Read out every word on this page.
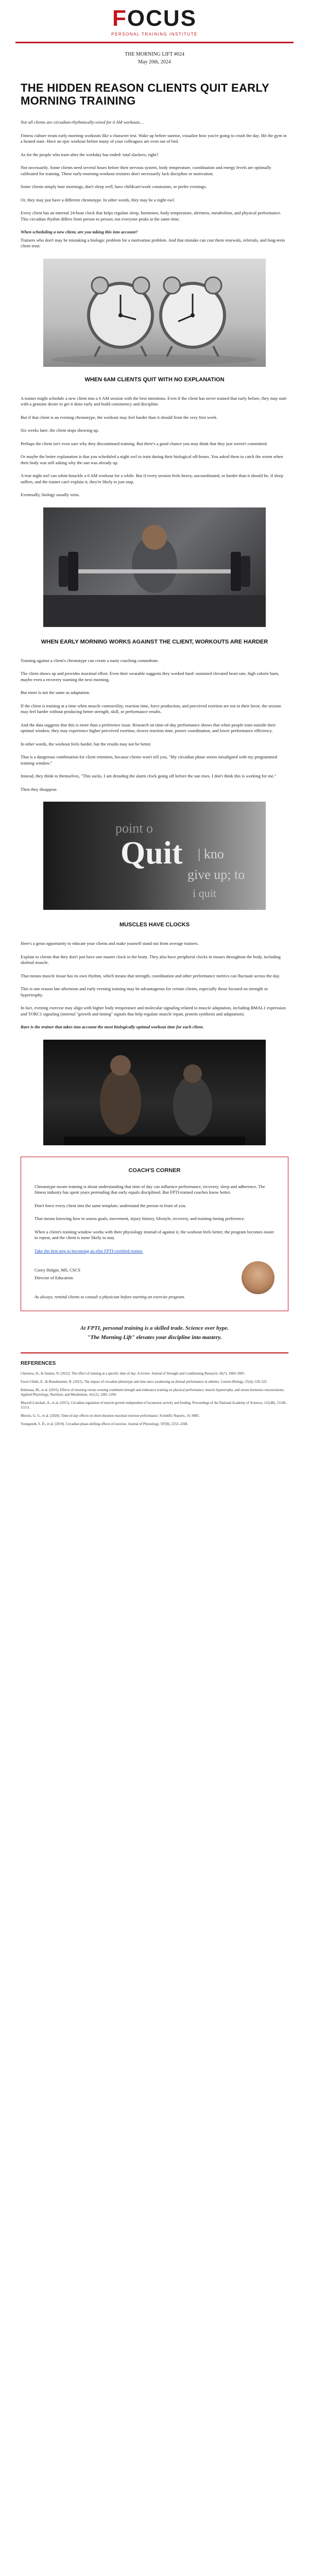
FOCUS
PERSONAL TRAINING INSTITUTE
THE MORNING LIFT #024
May 20th, 2024
THE HIDDEN REASON CLIENTS QUIT EARLY MORNING TRAINING

Not all clients are circadian-rhythmically-wired for 6 AM workouts…

Fitness culture treats early morning workouts like a character test. Wake up before sunrise, visualize how you're going to crush the day. Hit the gym in a heated state. Have an epic workout before many of your colleagues are even out of bed.

As for the people who train after the workday has ended: total slackers, right?

Not necessarily. Some clients need several hours before their nervous system, body temperature, coordination and energy levels are optimally calibrated for training. These early-morning-workout resisters don't necessarily lack discipline or motivation.

Some clients simply hate mornings, don't sleep well, have childcare/work constraints, or prefer evenings.

Or, they may just have a different chronotype. In other words, they may be a night owl.

Every client has an internal 24-hour clock that helps regulate sleep, hormones, body temperature, alertness, metabolism, and physical performance. This circadian rhythm differs from person to person; not everyone peaks at the same time.

When scheduling a new client, are you taking this into account?

Trainers who don't may be mistaking a biologic problem for a motivation problem. And that mistake can cost them renewals, referrals, and long-term client trust.

WHEN 6AM CLIENTS QUIT WITH NO EXPLANATION

A trainer might schedule a new client into a 6 AM session with the best intentions. Even if the client has never trained that early before, they may start with a genuine desire to get it done early and build consistency and discipline.

But if that client is an evening chronotype, the workout may feel harder than it should from the very first week.

Six weeks later, the client stops showing up.

Perhaps the client isn't even sure why they discontinued training. But there's a good chance you may think that they just weren't committed.

Or maybe the better explanation is that you scheduled a night owl to train during their biological off-hours. You asked them to catch the worm when their body was still asking why the sun was already up.

A true night owl can white-knuckle a 6 AM workout for a while. But if every session feels heavy, uncoordinated, or harder than it should be, if sleep suffers, and the trainer can't explain it, they're likely to just stop.

Eventually, biology usually wins.

WHEN EARLY MORNING WORKS AGAINST THE CLIENT, WORKOUTS ARE HARDER

Training against a client's chronotype can create a nasty coaching conundrum.

The client shows up and provides maximal effort. Even their wearable suggests they worked hard: sustained elevated heart rate, high calorie burn, maybe even a recovery warning the next morning.

But more is not the same as adaptation.

If the client is training at a time when muscle contractility, reaction time, force production, and perceived exertion are not in their favor, the session may feel harder without producing better strength, skill, or performance results.

And the data suggests that this is more than a preference issue. Research on time-of-day performance shows that when people train outside their optimal window, they may experience higher perceived exertion, slower reaction time, poorer coordination, and lower performance efficiency.

In other words, the workout feels harder, but the results may not be better.

That is a dangerous combination for client retention, because clients won't tell you, "My circadian phase seems misaligned with my programmed training window."

Instead, they think to themselves, "This sucks. I am dreading the alarm clock going off before the sun rises. I don't think this is working for me."

Then they disappear.

point o
Quit | kno
give up; to
i quit
MUSCLES HAVE CLOCKS

Here's a great opportunity to educate your clients and make yourself stand out from average trainers.

Explain to clients that they don't just have one master clock in the brain. They also have peripheral clocks in tissues throughout the body, including skeletal muscle.

That means muscle tissue has its own rhythm, which means that strength, coordination and other performance metrics can fluctuate across the day.

This is one reason late afternoon and early evening training may be advantageous for certain clients, especially those focused on strength or hypertrophy.

In fact, evening exercise may align with higher body temperature and molecular signaling related to muscle adaptation, including BMAL1 expression and TORC1 signaling (internal "growth and timing" signals that help regulate muscle repair, protein synthesis and adaptation).

Rare is the trainer that takes into account the most biologically optimal workout time for each client.

COACH'S CORNER

Chronotype-aware training is about understanding that time of day can influence performance, recovery, sleep and adherence. The fitness industry has spent years pretending that early equals disciplined. But FPTI-trained coaches know better.

Don't force every client into the same template; understand the person in front of you.

That means knowing how to assess goals, movement, injury history, lifestyle, recovery, and training timing preference.

When a client's training window works with their physiology instead of against it, the workout feels better, the program becomes easier to repeat, and the client is more likely to stay.

Take the first step to becoming an elite FPTI-certified trainer.

Corey Holgin, MS, CSCS

Director of Education

As always, remind clients to consult a physician before starting an exercise program.

At FPTI, personal training is a skilled trade. Science over hype.
"The Morning Lift" elevates your discipline into mastery.
REFERENCES

Chtourou, H., & Souissi, N. (2012). The effect of training at a specific time of day: A review. Journal of Strength and Conditioning Research, 26(7), 1984–2005.

Facer-Childs, E., & Brandstaetter, R. (2015). The impact of circadian phenotype and time since awakening on diurnal performance in athletes. Current Biology, 25(4), 518–522.

Küüsmaa, M., et al. (2016). Effects of morning versus evening combined strength and endurance training on physical performance, muscle hypertrophy, and serum hormone concentrations. Applied Physiology, Nutrition, and Metabolism, 41(12), 1285–1294.

Mayeuf-Louchart, A., et al. (2015). Circadian regulation of muscle growth independent of locomotor activity and feeding. Proceedings of the National Academy of Sciences, 112(48), 15146–15151.

Mirizio, G. G., et al. (2020). Time-of-day effects on short-duration maximal exercise performance. Scientific Reports, 10, 9485.

Youngstedt, S. D., et al. (2019). Circadian phase-shifting effects of exercise. Journal of Physiology, 597(8), 2253–2268.
